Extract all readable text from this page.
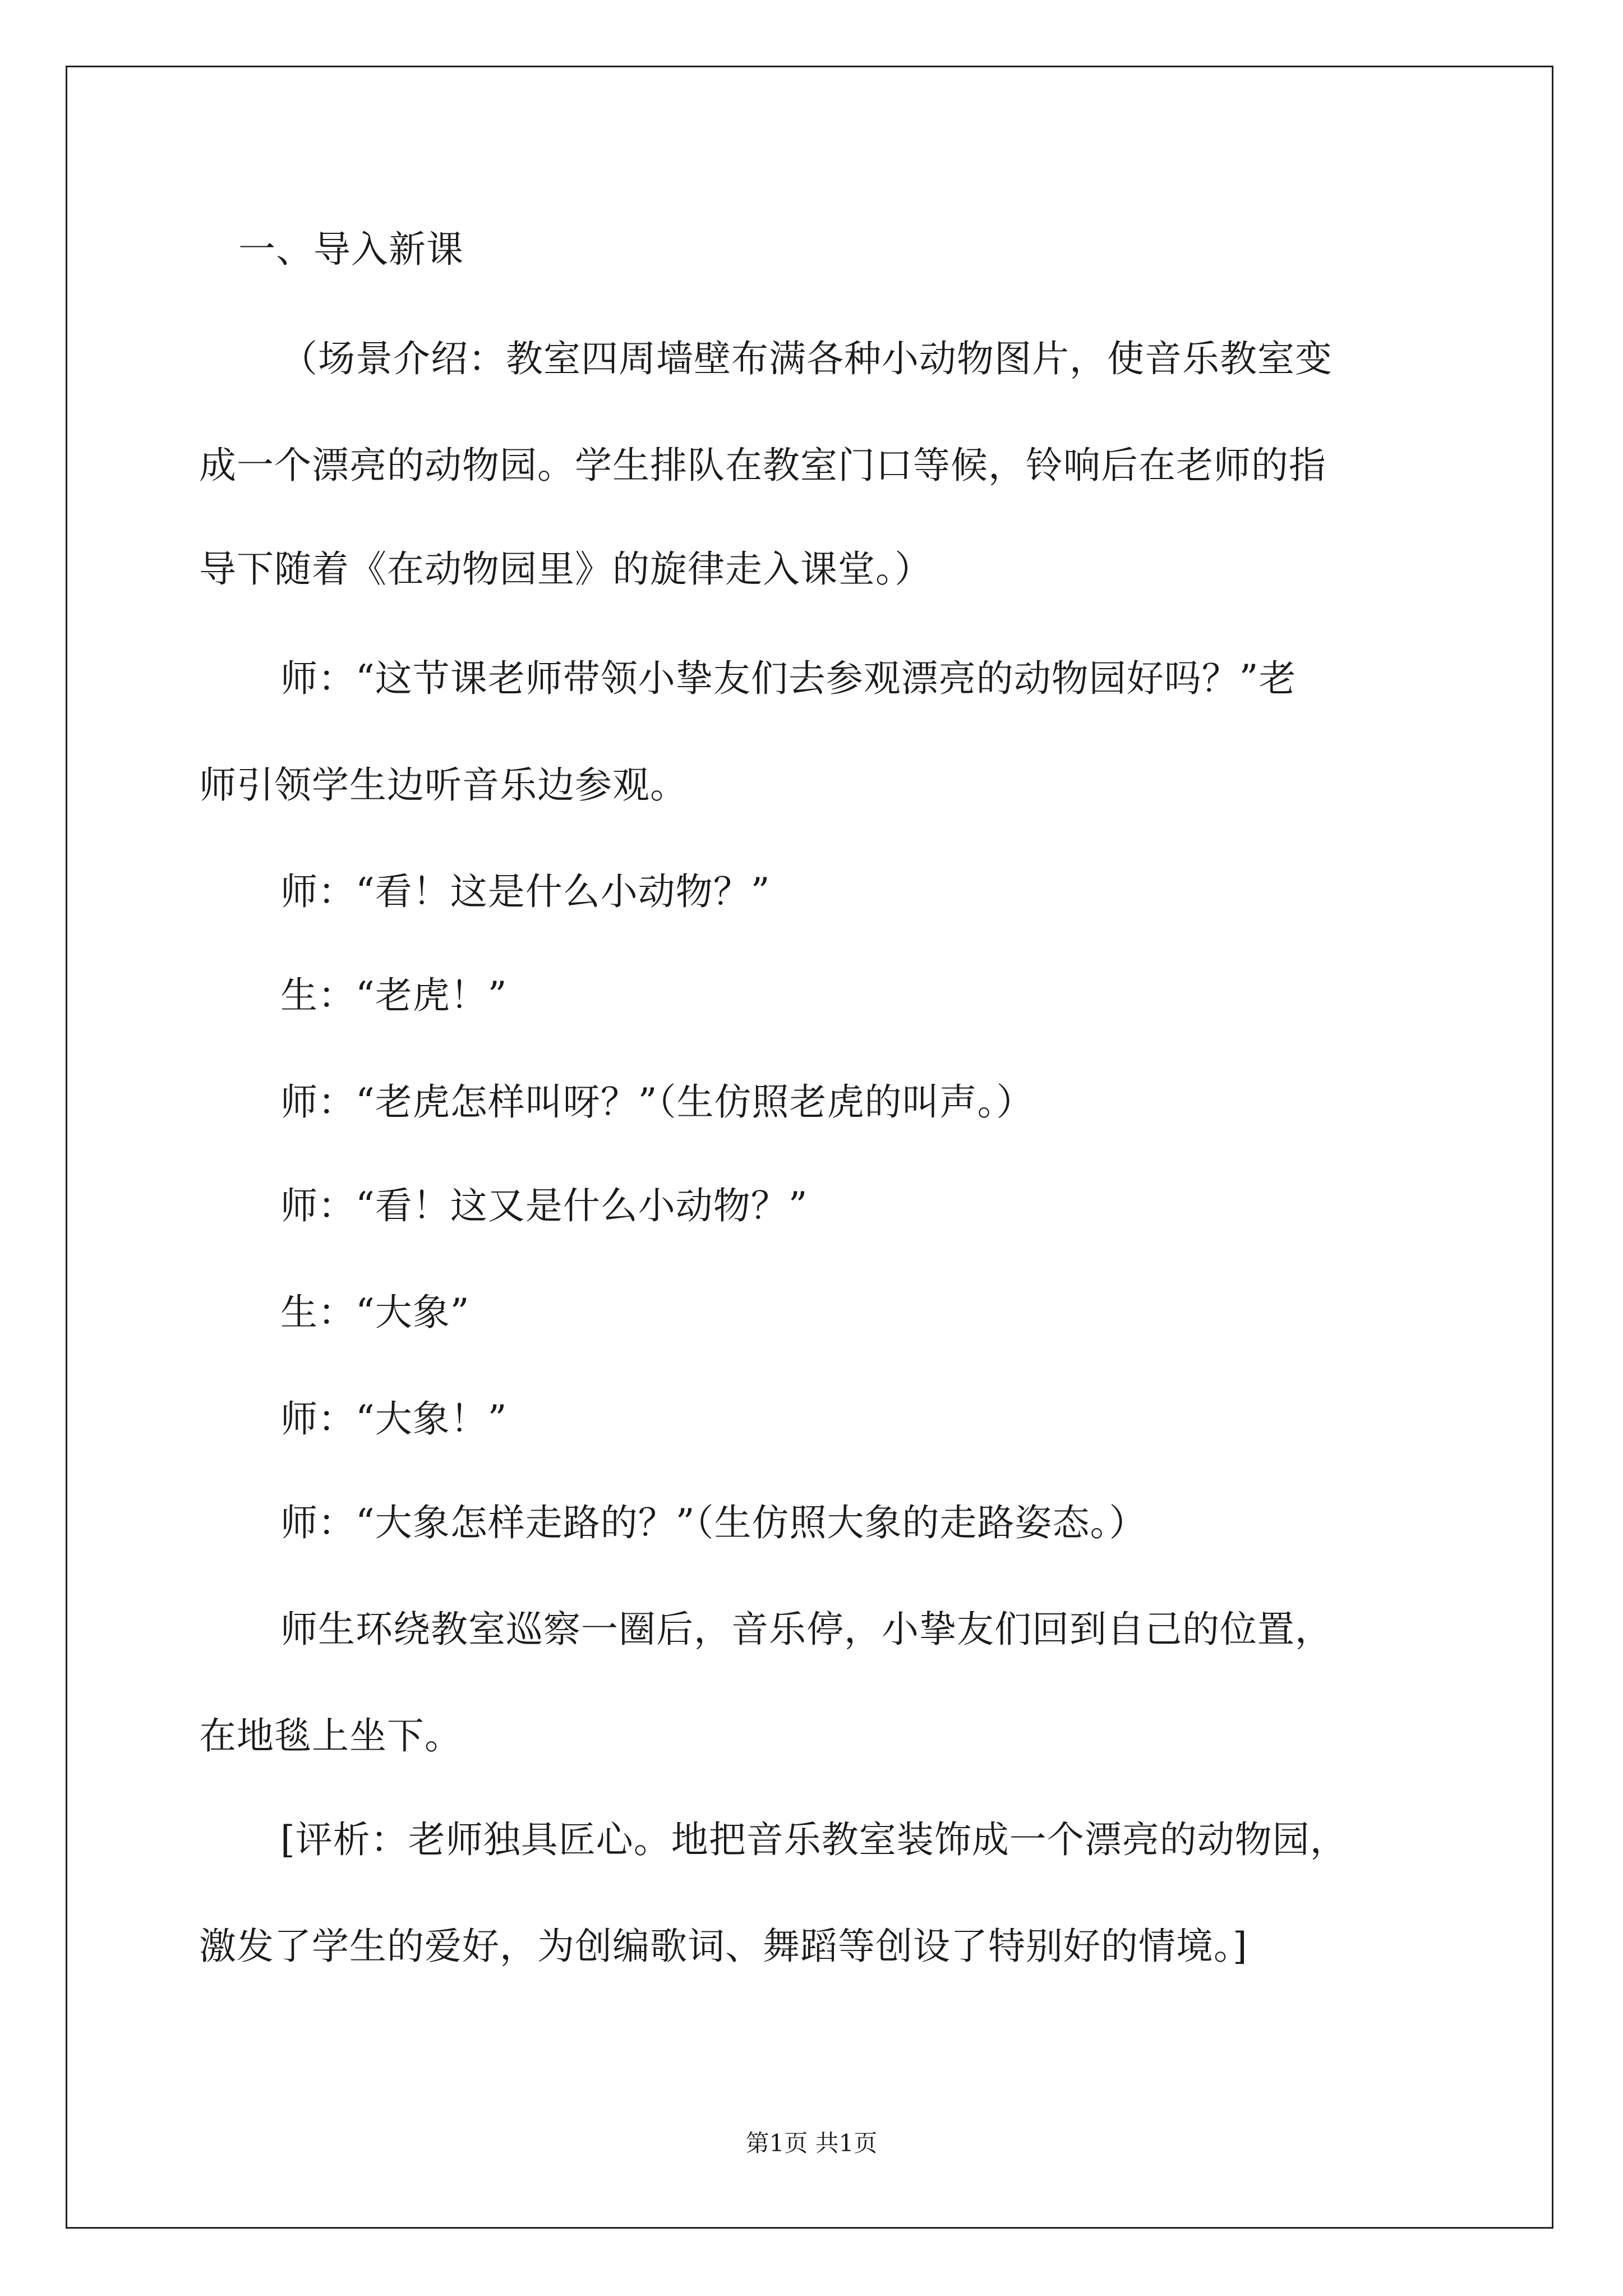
一、导入新课
（场景介绍：教室四周墙壁布满各种小动物图片，使音乐教室变
成一个漂亮的动物园。学生排队在教室门口等候，铃响后在老师的指
导下随着《在动物园里》的旋律走入课堂。）
师：“这节课老师带领小挚友们去参观漂亮的动物园好吗？”老
师引领学生边听音乐边参观。
师：“看！这是什么小动物？”
生：“老虎！”
师：“老虎怎样叫呀？”（生仿照老虎的叫声。）
师：“看！这又是什么小动物？”
生：“大象”
师：“大象！”
师：“大象怎样走路的？”（生仿照大象的走路姿态。）
师生环绕教室巡察一圈后，音乐停，小挚友们回到自己的位置，
在地毯上坐下。
[评析：老师独具匠心。地把音乐教室装饰成一个漂亮的动物园，
激发了学生的爱好，为创编歌词、舞蹈等创设了特别好的情境。]
第1页 共1页
